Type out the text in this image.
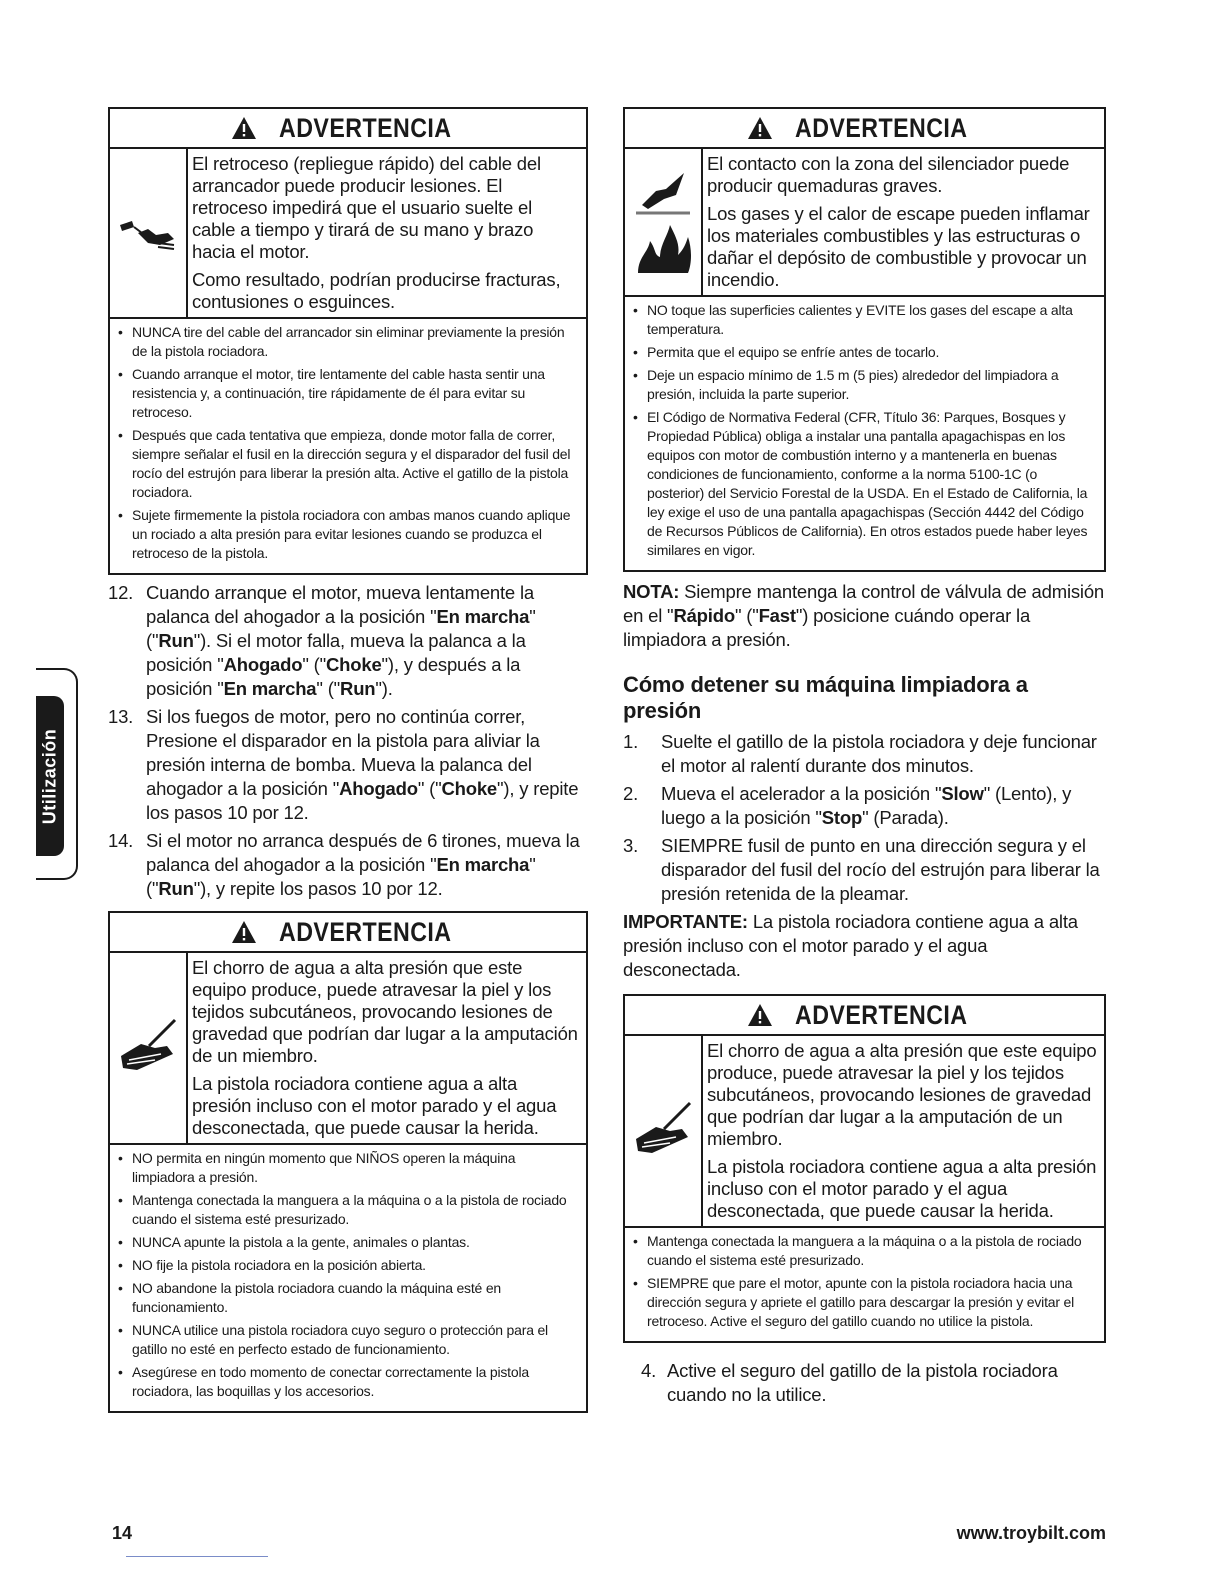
Utilización
ADVERTENCIA

El retroceso (repliegue rápido) del cable del arrancador puede producir lesiones. El retroceso impedirá que el usuario suelte el cable a tiempo y tirará de su mano y brazo hacia el motor.

Como resultado, podrían producirse fracturas, contusiones o esguinces.

• NUNCA tire del cable del arrancador sin eliminar previamente la presión de la pistola rociadora.
• Cuando arranque el motor, tire lentamente del cable hasta sentir una resistencia y, a continuación, tire rápidamente de él para evitar su retroceso.
• Después que cada tentativa que empieza, donde motor falla de correr, siempre señalar el fusil en la dirección segura y el disparador del fusil del rocío del estrujón para liberar la presión alta. Active el gatillo de la pistola rociadora.
• Sujete firmemente la pistola rociadora con ambas manos cuando aplique un rociado a alta presión para evitar lesiones cuando se produzca el retroceso de la pistola.
12. Cuando arranque el motor, mueva lentamente la palanca del ahogador a la posición "En marcha" ("Run"). Si el motor falla, mueva la palanca a la posición "Ahogado" ("Choke"), y después a la posición "En marcha" ("Run").
13. Si los fuegos de motor, pero no continúa correr, Presione el disparador en la pistola para aliviar la presión interna de bomba. Mueva la palanca del ahogador a la posición "Ahogado" ("Choke"), y repite los pasos 10 por 12.
14. Si el motor no arranca después de 6 tirones, mueva la palanca del ahogador a la posición "En marcha" ("Run"), y repite los pasos 10 por 12.
ADVERTENCIA

El chorro de agua a alta presión que este equipo produce, puede atravesar la piel y los tejidos subcutáneos, provocando lesiones de gravedad que podrían dar lugar a la amputación de un miembro.

La pistola rociadora contiene agua a alta presión incluso con el motor parado y el agua desconectada, que puede causar la herida.

• NO permita en ningún momento que NIÑOS operen la máquina limpiadora a presión.
• Mantenga conectada la manguera a la máquina o a la pistola de rociado cuando el sistema esté presurizado.
• NUNCA apunte la pistola a la gente, animales o plantas.
• NO fije la pistola rociadora en la posición abierta.
• NO abandone la pistola rociadora cuando la máquina esté en funcionamiento.
• NUNCA utilice una pistola rociadora cuyo seguro o protección para el gatillo no esté en perfecto estado de funcionamiento.
• Asegúrese en todo momento de conectar correctamente la pistola rociadora, las boquillas y los accesorios.
ADVERTENCIA

El contacto con la zona del silenciador puede producir quemaduras graves.

Los gases y el calor de escape pueden inflamar los materiales combustibles y las estructuras o dañar el depósito de combustible y provocar un incendio.

• NO toque las superficies calientes y EVITE los gases del escape a alta temperatura.
• Permita que el equipo se enfríe antes de tocarlo.
• Deje un espacio mínimo de 1.5 m (5 pies) alrededor del limpiadora a presión, incluida la parte superior.
• El Código de Normativa Federal (CFR, Título 36: Parques, Bosques y Propiedad Pública) obliga a instalar una pantalla apagachispas en los equipos con motor de combustión interno y a mantenerla en buenas condiciones de funcionamiento, conforme a la norma 5100-1C (o posterior) del Servicio Forestal de la USDA. En el Estado de California, la ley exige el uso de una pantalla apagachispas (Sección 4442 del Código de Recursos Públicos de California). En otros estados puede haber leyes similares en vigor.

NOTA: Siempre mantenga la control de válvula de admisión en el "Rápido" ("Fast") posicione cuándo operar la limpiadora a presión.

Cómo detener su máquina limpiadora a presión
1.	Suelte el gatillo de la pistola rociadora y deje funcionar el motor al ralentí durante dos minutos.
2.	Mueva el acelerador a la posición "Slow" (Lento), y luego a la posición "Stop" (Parada).
3.	SIEMPRE fusil de punto en una dirección segura y el disparador del fusil del rocío del estrujón para liberar la presión retenida de la pleamar.

IMPORTANTE: La pistola rociadora contiene agua a alta presión incluso con el motor parado y el agua desconectada.

ADVERTENCIA

El chorro de agua a alta presión que este equipo produce, puede atravesar la piel y los tejidos subcutáneos, provocando lesiones de gravedad que podrían dar lugar a la amputación de un miembro.

La pistola rociadora contiene agua a alta presión incluso con el motor parado y el agua desconectada, que puede causar la herida.

• Mantenga conectada la manguera a la máquina o a la pistola de rociado cuando el sistema esté presurizado.
• SIEMPRE que pare el motor, apunte con la pistola rociadora hacia una dirección segura y apriete el gatillo para descargar la presión y evitar el retroceso. Active el seguro del gatillo cuando no utilice la pistola.
4. Active el seguro del gatillo de la pistola rociadora cuando no la utilice.
14	www.troybilt.com
